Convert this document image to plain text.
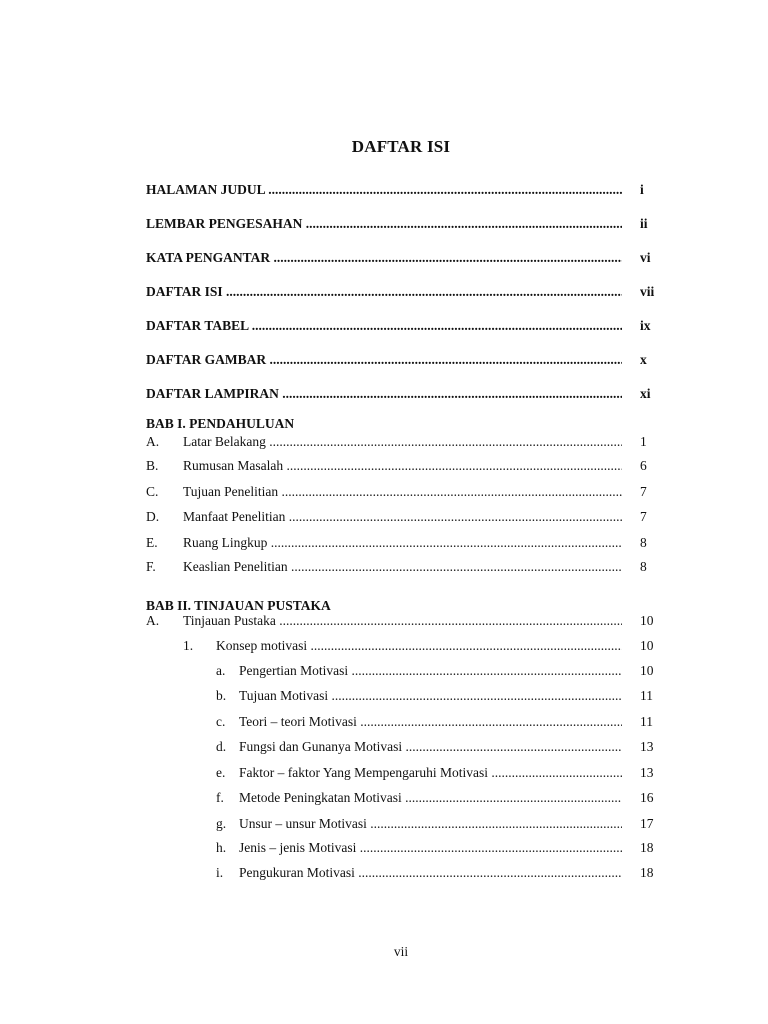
DAFTAR ISI
HALAMAN JUDUL .....	i
LEMBAR PENGESAHAN .....	ii
KATA PENGANTAR .....	vi
DAFTAR ISI .....	vii
DAFTAR TABEL .....	ix
DAFTAR GAMBAR .....	x
DAFTAR LAMPIRAN .....	xi
BAB I. PENDAHULUAN
A. Latar Belakang .....	1
B. Rumusan Masalah .....	6
C. Tujuan Penelitian .....	7
D. Manfaat Penelitian .....	7
E. Ruang Lingkup .....	8
F. Keaslian Penelitian .....	8
BAB II. TINJAUAN PUSTAKA
A. Tinjauan Pustaka .....	10
1. Konsep motivasi .....	10
a. Pengertian Motivasi .....	10
b. Tujuan Motivasi .....	11
c. Teori – teori Motivasi .....	11
d. Fungsi dan Gunanya Motivasi .....	13
e. Faktor – faktor Yang Mempengaruhi Motivasi .....	13
f. Metode Peningkatan Motivasi .....	16
g. Unsur – unsur Motivasi .....	17
h. Jenis – jenis Motivasi .....	18
i. Pengukuran Motivasi .....	18
vii
